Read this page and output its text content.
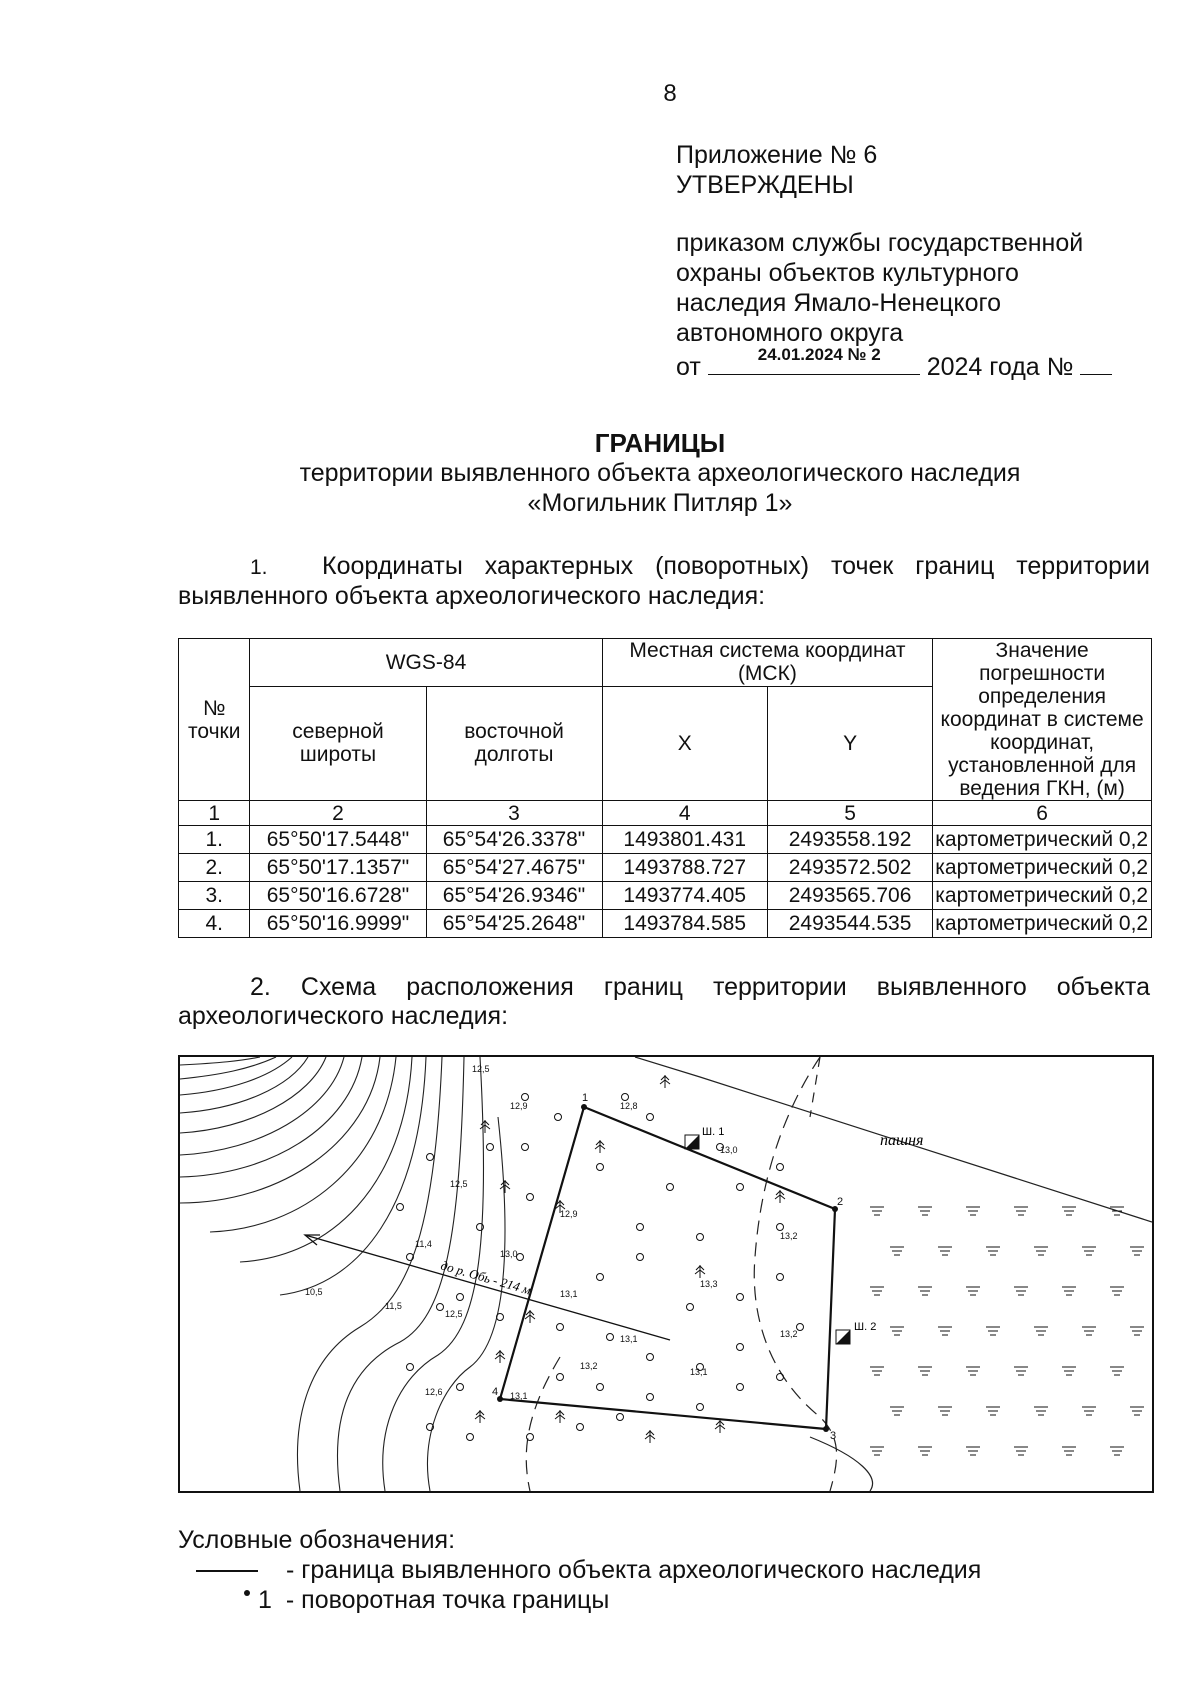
8
Приложение № 6
УТВЕРЖДЕНЫ
приказом службы государственной
охраны объектов культурного
наследия Ямало-Ненецкого
автономного округа
от	24.01.2024 № 2 2024 года №
ГРАНИЦЫ
территории выявленного объекта археологического наследия
«Могильник Питляр 1»
1. Координаты характерных (поворотных) точек границ территории выявленного объекта археологического наследия:
№ точки	WGS-84		Местная система координат (МСК)		Значение погрешности определения координат в системе координат, установленной для ведения ГКН, (м)
	северной широты	восточной долготы	X	Y	
1	2	3	4	5	6
1.	65°50'17.5448"	65°54'26.3378"	1493801.431	2493558.192	картометрический 0,2
2.	65°50'17.1357"	65°54'27.4675"	1493788.727	2493572.502	картометрический 0,2
3.	65°50'16.6728"	65°54'26.9346"	1493774.405	2493565.706	картометрический 0,2
4.	65°50'16.9999"	65°54'25.2648"	1493784.585	2493544.535	картометрический 0,2
2. Схема расположения границ территории выявленного объекта археологического наследия:
1
2
3
4
до р. Обь - 214 м
пашня
Ш. 1
Ш. 2
12,9	12,8
13,0
12,5
12,9
13,0
13,1
13,2
13,1
13,3
13,2
13,1
13,2
12,6	13,1
12,5
11,4
10,5
11,5
12,5
Условные обозначения:
- граница выявленного объекта археологического наследия
1 - поворотная точка границы
